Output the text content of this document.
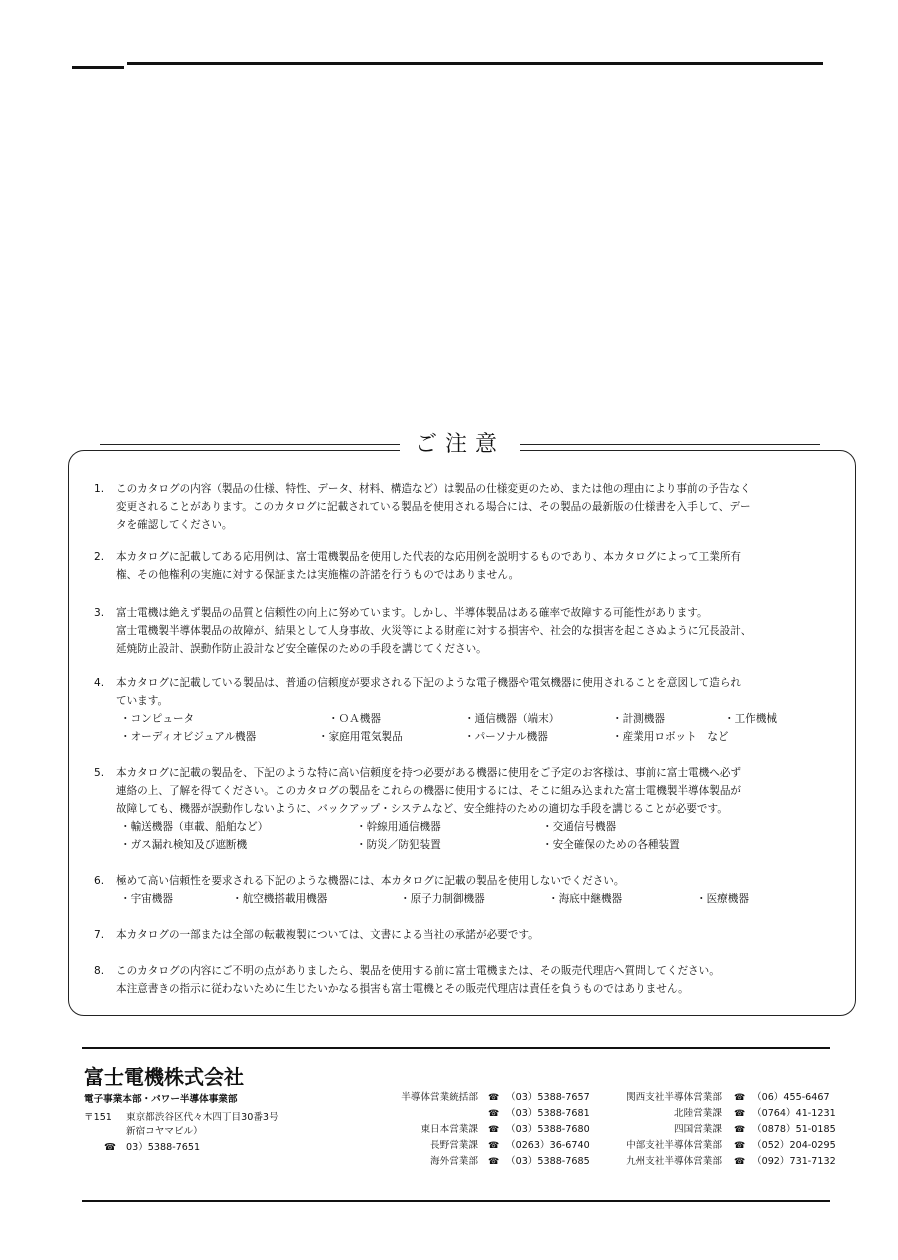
ご注意
1.	このカタログの内容（製品の仕様、特性、データ、材料、構造など）は製品の仕様変更のため、または他の理由により事前の予告なく
変更されることがあります。このカタログに記載されている製品を使用される場合には、その製品の最新版の仕様書を入手して、デー
タを確認してください。
2.	本カタログに記載してある応用例は、富士電機製品を使用した代表的な応用例を説明するものであり、本カタログによって工業所有
権、その他権利の実施に対する保証または実施権の許諾を行うものではありません。
3.	富士電機は絶えず製品の品質と信頼性の向上に努めています。しかし、半導体製品はある確率で故障する可能性があります。
富士電機製半導体製品の故障が、結果として人身事故、火災等による財産に対する損害や、社会的な損害を起こさぬように冗長設計、
延焼防止設計、誤動作防止設計など安全確保のための手段を講じてください。
4.	本カタログに記載している製品は、普通の信頼度が要求される下記のような電子機器や電気機器に使用されることを意図して造られ
ています。
・コンピュータ	・ＯＡ機器	・通信機器（端末）	・計測機器	・工作機械
・オーディオビジュアル機器	・家庭用電気製品	・パーソナル機器	・産業用ロボット　など
5.	本カタログに記載の製品を、下記のような特に高い信頼度を持つ必要がある機器に使用をご予定のお客様は、事前に富士電機へ必ず
連絡の上、了解を得てください。このカタログの製品をこれらの機器に使用するには、そこに組み込まれた富士電機製半導体製品が
故障しても、機器が誤動作しないように、バックアップ・システムなど、安全維持のための適切な手段を講じることが必要です。
・輸送機器（車載、船舶など）	・幹線用通信機器	・交通信号機器
・ガス漏れ検知及び遮断機	・防災／防犯装置	・安全確保のための各種装置
6.	極めて高い信頼性を要求される下記のような機器には、本カタログに記載の製品を使用しないでください。
・宇宙機器	・航空機搭載用機器	・原子力制御機器	・海底中継機器	・医療機器
7.	本カタログの一部または全部の転載複製については、文書による当社の承諾が必要です。
8.	このカタログの内容にご不明の点がありましたら、製品を使用する前に富士電機または、その販売代理店へ質問してください。
本注意書きの指示に従わないために生じたいかなる損害も富士電機とその販売代理店は責任を負うものではありません。
富士電機株式会社
電子事業本部・パワー半導体事業部
〒151 東京都渋谷区代々木四丁目30番3号
新宿コヤマビル）
☎ 03）5388-7651
半導体営業統括部 ☎ （03）5388-7657
☎ （03）5388-7681
東日本営業課 ☎ （03）5388-7680
長野営業課 ☎ （0263）36-6740
海外営業部 ☎ （03）5388-7685
関西支社半導体営業部 ☎ （06）455-6467
北陸営業課 ☎ （0764）41-1231
四国営業課 ☎ （0878）51-0185
中部支社半導体営業部 ☎ （052）204-0295
九州支社半導体営業部 ☎ （092）731-7132
